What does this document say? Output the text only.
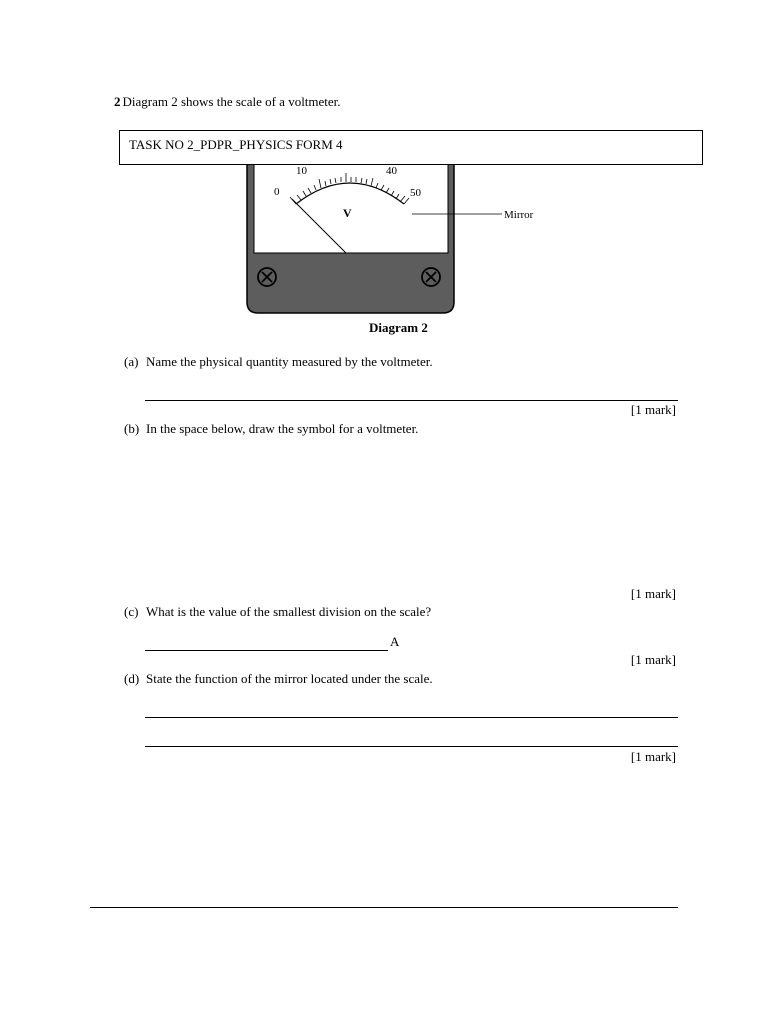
2 Diagram 2 shows the scale of a voltmeter.
TASK NO 2_PDPR_PHYSICS FORM 4
0
10	40
50
V	Mirror
Diagram 2
(a) Name the physical quantity measured by the voltmeter.
[1 mark]
(b) In the space below, draw the symbol for a voltmeter.
[1 mark]
(c) What is the value of the smallest division on the scale?
A
[1 mark]
(d) State the function of the mirror located under the scale.
[1 mark]
